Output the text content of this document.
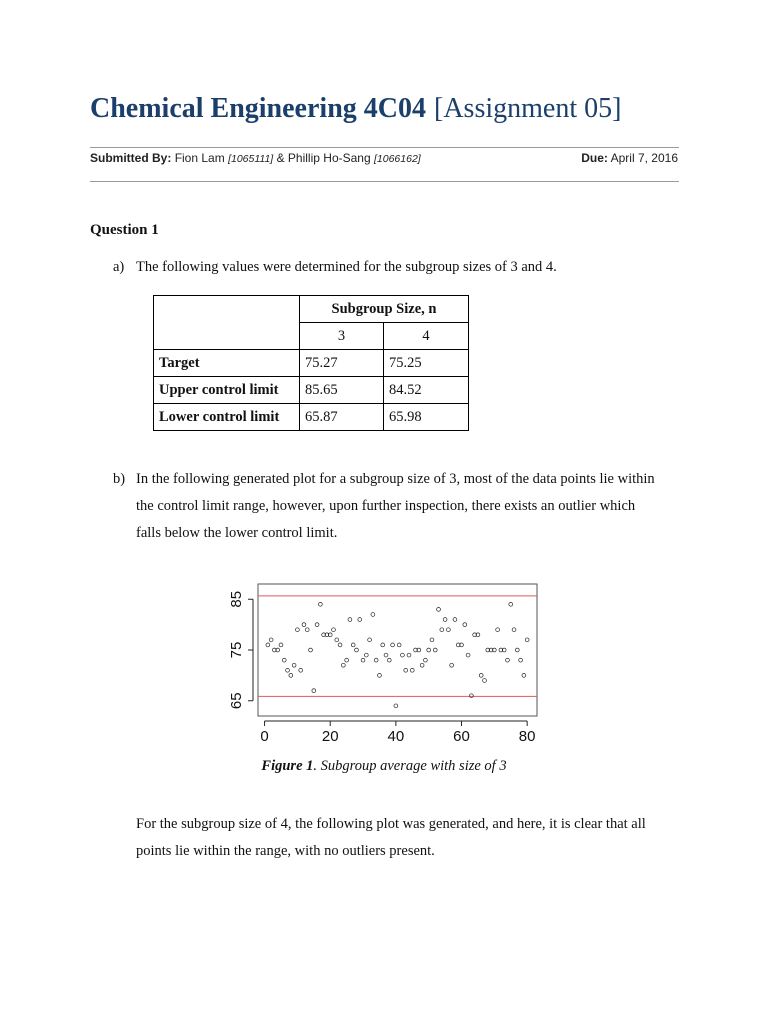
Chemical Engineering 4C04 [Assignment 05]
Submitted By: Fion Lam [1065111] & Phillip Ho-Sang [1066162]	Due: April 7, 2016
Question 1
a) The following values were determined for the subgroup sizes of 3 and 4.
	Subgroup Size, n	
	3	4
Target	75.27	75.25
Upper control limit	85.65	84.52
Lower control limit	65.87	65.98
b) In the following generated plot for a subgroup size of 3, most of the data points lie within
the control limit range, however, upon further inspection, there exists an outlier which
falls below the lower control limit.
0	20	40	60	80
65
75
85
Figure 1. Subgroup average with size of 3
For the subgroup size of 4, the following plot was generated, and here, it is clear that all
points lie within the range, with no outliers present.
